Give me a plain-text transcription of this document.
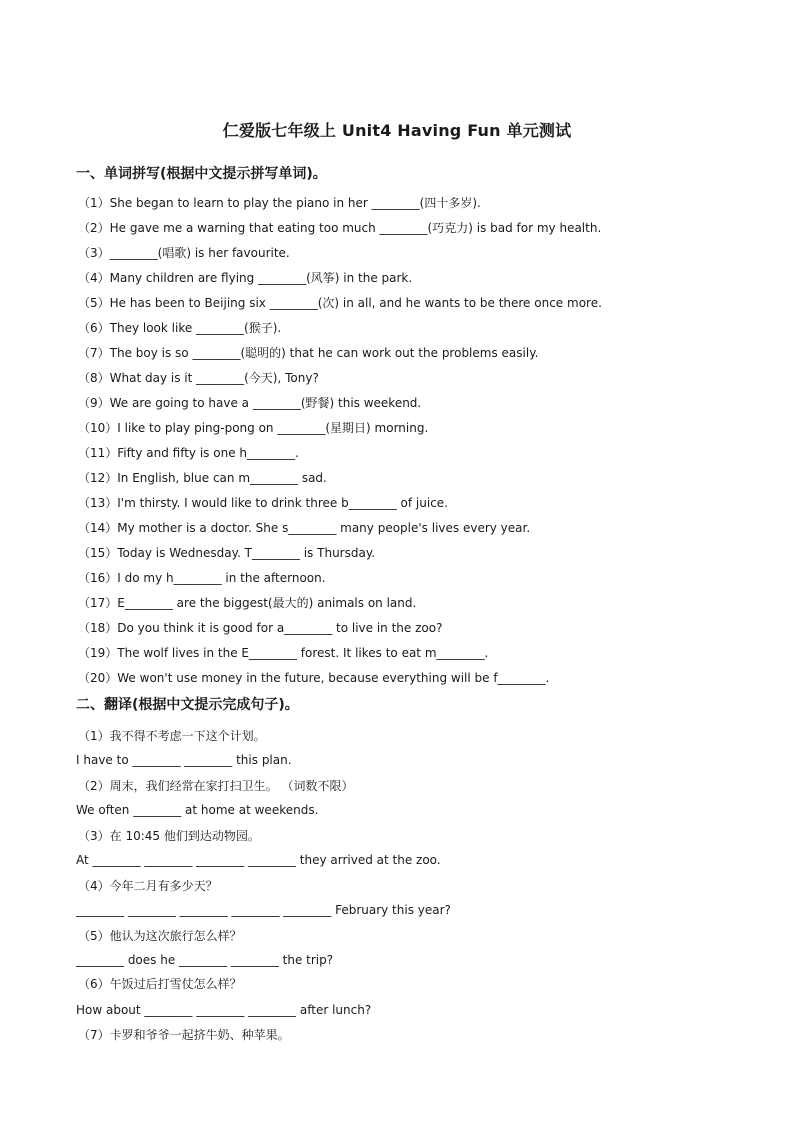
仁爱版七年级上 Unit4 Having Fun 单元测试
一、单词拼写(根据中文提示拼写单词)。
（1）She began to learn to play the piano in her ________(四十多岁).
（2）He gave me a warning that eating too much ________(巧克力) is bad for my health.
（3）________(唱歌) is her favourite.
（4）Many children are flying ________(风筝) in the park.
（5）He has been to Beijing six ________(次) in all, and he wants to be there once more.
（6）They look like ________(猴子).
（7）The boy is so ________(聪明的) that he can work out the problems easily.
（8）What day is it ________(今天), Tony?
（9）We are going to have a ________(野餐) this weekend.
（10）I like to play ping-pong on ________(星期日) morning.
（11）Fifty and fifty is one h________.
（12）In English, blue can m________ sad.
（13）I'm thirsty. I would like to drink three b________ of juice.
（14）My mother is a doctor. She s________ many people's lives every year.
（15）Today is Wednesday. T________ is Thursday.
（16）I do my h________ in the afternoon.
（17）E________ are the biggest(最大的) animals on land.
（18）Do you think it is good for a________ to live in the zoo?
（19）The wolf lives in the E________ forest. It likes to eat m________.
（20）We won't use money in the future, because everything will be f________.
二、翻译(根据中文提示完成句子)。
（1）我不得不考虑一下这个计划。
I have to ________ ________ this plan.
（2）周末，我们经常在家打扫卫生。 （词数不限）
We often ________ at home at weekends.
（3）在 10:45 他们到达动物园。
At ________ ________ ________ ________ they arrived at the zoo.
（4）今年二月有多少天？
________ ________ ________ ________ ________ February this year?
（5）他认为这次旅行怎么样？
________ does he ________ ________ the trip?
（6）午饭过后打雪仗怎么样？
How about ________ ________ ________ after lunch?
（7）卡罗和爷爷一起挤牛奶、种苹果。
